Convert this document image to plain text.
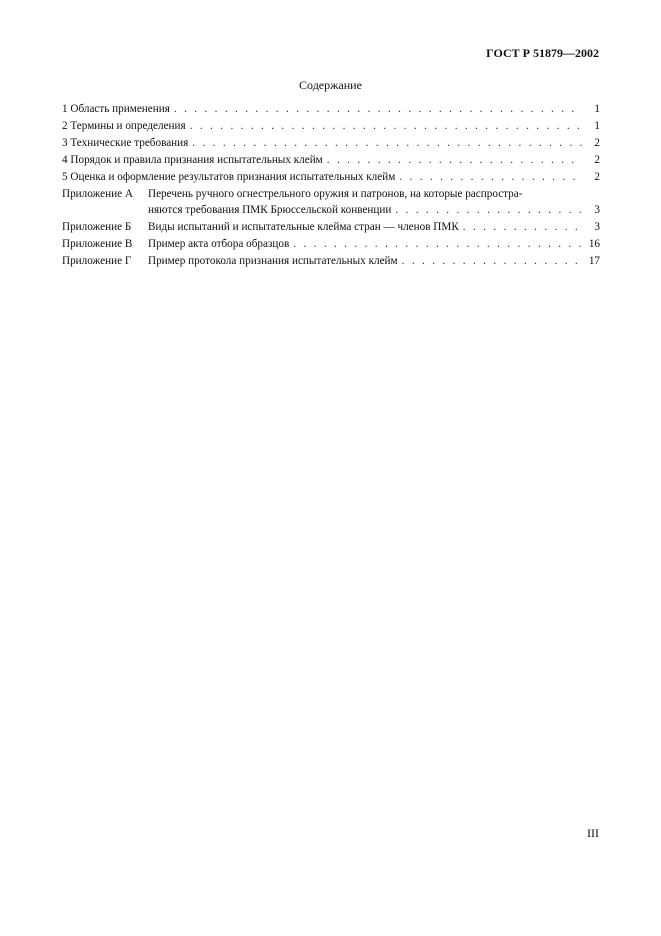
ГОСТ Р 51879—2002
Содержание
1 Область применения . . .	1
2 Термины и определения . . .	1
3 Технические требования . . .	2
4 Порядок и правила признания испытательных клейм . . .	2
5 Оценка и оформление результатов признания испытательных клейм . . .	2
Приложение А Перечень ручного огнестрельного оружия и патронов, на которые распростра-
няются требования ПМК Брюссельской конвенции . . .	3
Приложение Б Виды испытаний и испытательные клейма стран — членов ПМК . . .	3
Приложение В Пример акта отбора образцов . . .	16
Приложение Г Пример протокола признания испытательных клейм . . .	17
III
